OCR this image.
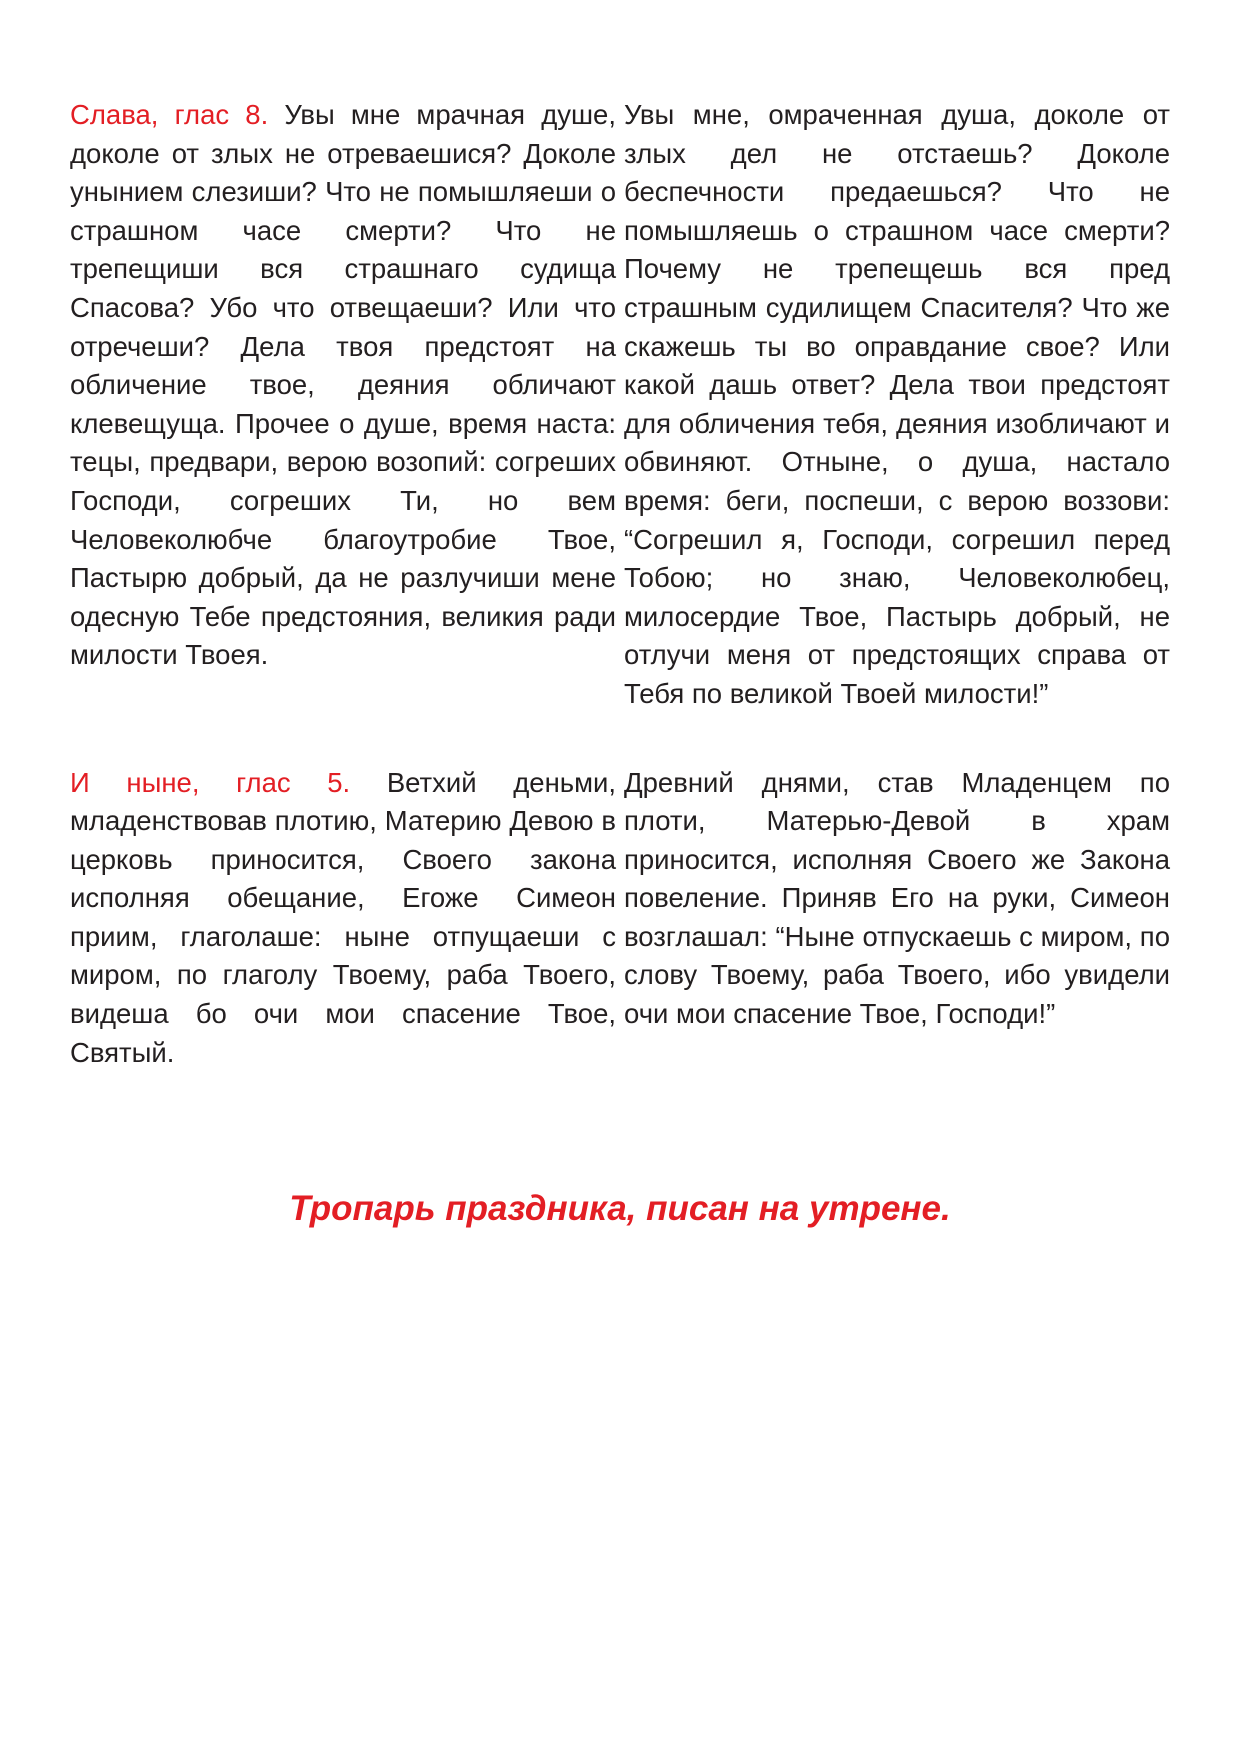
Слава, глас 8. Увы мне мрачная душе, доколе от злых не отреваешися? Доколе унынием слезиши? Что не помышляеши о страшном часе смерти? Что не трепещиши вся страшнаго судища Спасова? Убо что отвещаеши? Или что отречеши? Дела твоя предстоят на обличение твое, деяния обличают клевещуща. Прочее о душе, время наста: тецы, предвари, верою возопий: согреших Господи, согреших Ти, но вем Человеколюбче благоутробие Твое, Пастырю добрый, да не разлучиши мене одесную Тебе предстояния, великия ради милости Твоея.

Увы мне, омраченная душа, доколе от злых дел не отстаешь? Доколе беспечности предаешься? Что не помышляешь о страшном часе смерти? Почему не трепещешь вся пред страшным судилищем Спасителя? Что же скажешь ты во оправдание свое? Или какой дашь ответ? Дела твои предстоят для обличения тебя, деяния изобличают и обвиняют. Отныне, о душа, настало время: беги, поспеши, с верою воззови: “Согрешил я, Господи, согрешил перед Тобою; но знаю, Человеколюбец, милосердие Твое, Пастырь добрый, не отлучи меня от предстоящих справа от Тебя по великой Твоей милости!”

И ныне, глас 5. Ветхий деньми, младенствовав плотию, Материю Девою в церковь приносится, Своего закона исполняя обещание, Егоже Симеон приим, глаголаше: ныне отпущаеши с миром, по глаголу Твоему, раба Твоего, видеша бо очи мои спасение Твое, Святый.

Древний днями, став Младенцем по плоти, Матерью-Девой в храм приносится, исполняя Своего же Закона повеление. Приняв Его на руки, Симеон возглашал: “Ныне отпускаешь с миром, по слову Твоему, раба Твоего, ибо увидели очи мои спасение Твое, Господи!”

Тропарь праздника, писан на утрене.
